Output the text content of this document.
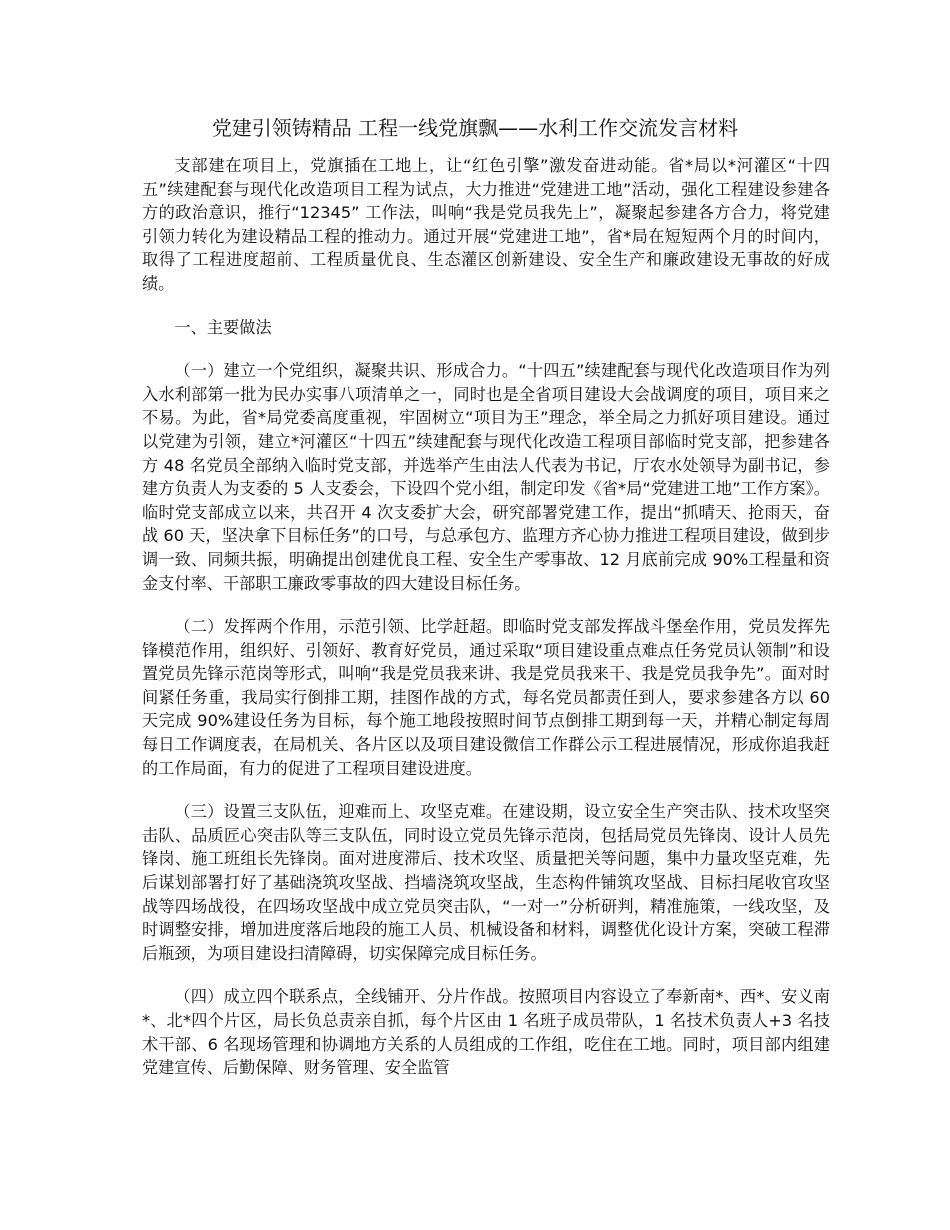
党建引领铸精品 工程一线党旗飘——水利工作交流发言材料

支部建在项目上，党旗插在工地上，让“红色引擎”激发奋进动能。省*局以*河灌区“十四五”续建配套与现代化改造项目工程为试点，大力推进“党建进工地”活动，强化工程建设参建各方的政治意识，推行“12345” 工作法，叫响“我是党员我先上”，凝聚起参建各方合力，将党建引领力转化为建设精品工程的推动力。通过开展“党建进工地”，省*局在短短两个月的时间内，取得了工程进度超前、工程质量优良、生态灌区创新建设、安全生产和廉政建设无事故的好成绩。

一、主要做法

（一）建立一个党组织，凝聚共识、形成合力。“十四五”续建配套与现代化改造项目作为列入水利部第一批为民办实事八项清单之一，同时也是全省项目建设大会战调度的项目，项目来之不易。为此，省*局党委高度重视，牢固树立“项目为王”理念，举全局之力抓好项目建设。通过以党建为引领，建立*河灌区“十四五”续建配套与现代化改造工程项目部临时党支部，把参建各方 48 名党员全部纳入临时党支部，并选举产生由法人代表为书记，厅农水处领导为副书记，参建方负责人为支委的 5 人支委会，下设四个党小组，制定印发《省*局“党建进工地”工作方案》。临时党支部成立以来，共召开 4 次支委扩大会，研究部署党建工作，提出“抓晴天、抢雨天，奋战 60 天，坚决拿下目标任务”的口号，与总承包方、监理方齐心协力推进工程项目建设，做到步调一致、同频共振，明确提出创建优良工程、安全生产零事故、12 月底前完成 90%工程量和资金支付率、干部职工廉政零事故的四大建设目标任务。

（二）发挥两个作用，示范引领、比学赶超。即临时党支部发挥战斗堡垒作用，党员发挥先锋模范作用，组织好、引领好、教育好党员，通过采取“项目建设重点难点任务党员认领制”和设置党员先锋示范岗等形式，叫响“我是党员我来讲、我是党员我来干、我是党员我争先”。面对时间紧任务重，我局实行倒排工期，挂图作战的方式，每名党员都责任到人，要求参建各方以 60 天完成 90%建设任务为目标，每个施工地段按照时间节点倒排工期到每一天，并精心制定每周每日工作调度表，在局机关、各片区以及项目建设微信工作群公示工程进展情况，形成你追我赶的工作局面，有力的促进了工程项目建设进度。

（三）设置三支队伍，迎难而上、攻坚克难。在建设期，设立安全生产突击队、技术攻坚突击队、品质匠心突击队等三支队伍，同时设立党员先锋示范岗，包括局党员先锋岗、设计人员先锋岗、施工班组长先锋岗。面对进度滞后、技术攻坚、质量把关等问题，集中力量攻坚克难，先后谋划部署打好了基础浇筑攻坚战、挡墙浇筑攻坚战，生态构件铺筑攻坚战、目标扫尾收官攻坚战等四场战役，在四场攻坚战中成立党员突击队，“一对一”分析研判，精准施策，一线攻坚，及时调整安排，增加进度落后地段的施工人员、机械设备和材料，调整优化设计方案，突破工程滞后瓶颈，为项目建设扫清障碍，切实保障完成目标任务。

（四）成立四个联系点，全线铺开、分片作战。按照项目内容设立了奉新南*、西*、安义南*、北*四个片区，局长负总责亲自抓，每个片区由 1 名班子成员带队，1 名技术负责人+3 名技术干部、6 名现场管理和协调地方关系的人员组成的工作组，吃住在工地。同时，项目部内组建党建宣传、后勤保障、财务管理、安全监管
